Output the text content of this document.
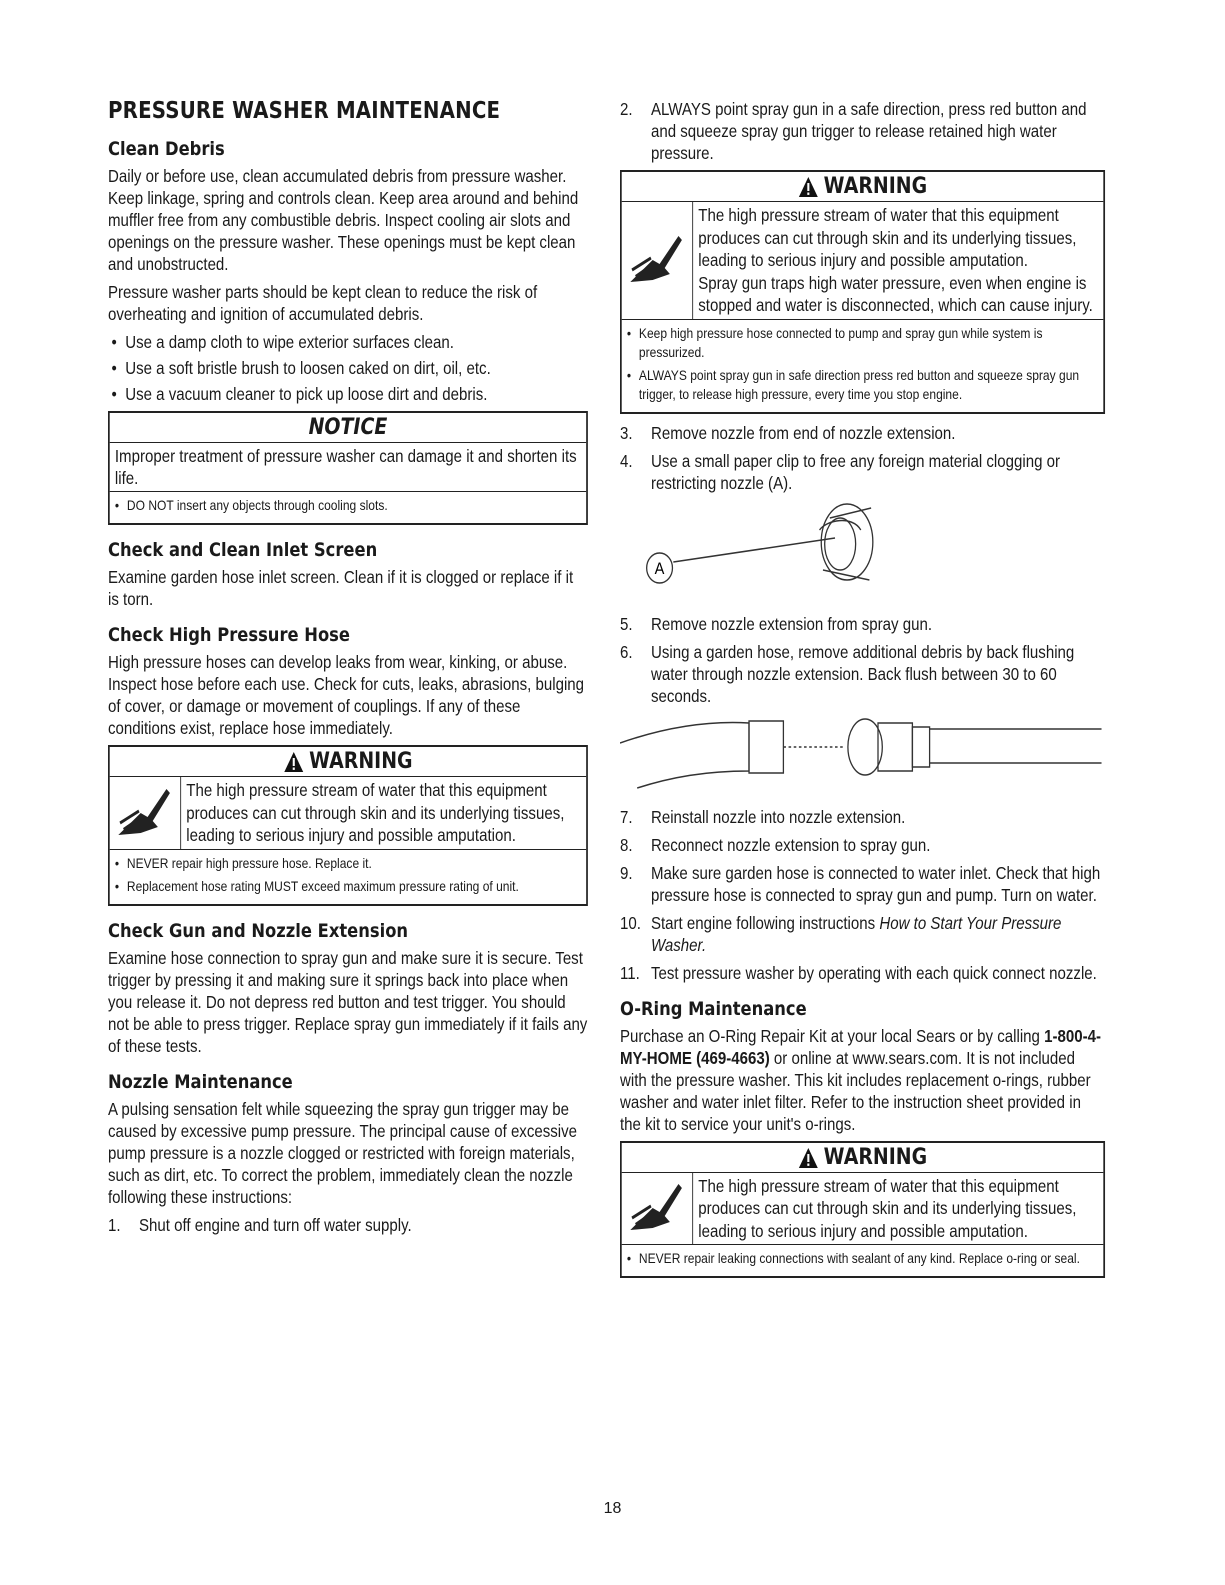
PRESSURE WASHER MAINTENANCE
Clean Debris

Daily or before use, clean accumulated debris from pressure washer. Keep linkage, spring and controls clean. Keep area around and behind muffler free from any combustible debris. Inspect cooling air slots and openings on the pressure washer. These openings must be kept clean and unobstructed.

Pressure washer parts should be kept clean to reduce the risk of overheating and ignition of accumulated debris.

• Use a damp cloth to wipe exterior surfaces clean.
• Use a soft bristle brush to loosen caked on dirt, oil, etc.
• Use a vacuum cleaner to pick up loose dirt and debris.
NOTICE
Improper treatment of pressure washer can damage it and shorten its life.
• DO NOT insert any objects through cooling slots.
Check and Clean Inlet Screen

Examine garden hose inlet screen. Clean if it is clogged or replace if it is torn.

Check High Pressure Hose

High pressure hoses can develop leaks from wear, kinking, or abuse. Inspect hose before each use. Check for cuts, leaks, abrasions, bulging of cover, or damage or movement of couplings. If any of these conditions exist, replace hose immediately.

WARNING
The high pressure stream of water that this equipment produces can cut through skin and its underlying tissues, leading to serious injury and possible amputation.
• NEVER repair high pressure hose. Replace it.
• Replacement hose rating MUST exceed maximum pressure rating of unit.
Check Gun and Nozzle Extension

Examine hose connection to spray gun and make sure it is secure. Test trigger by pressing it and making sure it springs back into place when you release it. Do not depress red button and test trigger. You should not be able to press trigger. Replace spray gun immediately if it fails any of these tests.

Nozzle Maintenance

A pulsing sensation felt while squeezing the spray gun trigger may be caused by excessive pump pressure. The principal cause of excessive pump pressure is a nozzle clogged or restricted with foreign materials, such as dirt, etc. To correct the problem, immediately clean the nozzle following these instructions:

1. Shut off engine and turn off water supply.
2. ALWAYS point spray gun in a safe direction, press red button and and squeeze spray gun trigger to release retained high water pressure.
WARNING
The high pressure stream of water that this equipment produces can cut through skin and its underlying tissues, leading to serious injury and possible amputation.
Spray gun traps high water pressure, even when engine is stopped and water is disconnected, which can cause injury.
• Keep high pressure hose connected to pump and spray gun while system is pressurized.
• ALWAYS point spray gun in safe direction press red button and squeeze spray gun trigger, to release high pressure, every time you stop engine.
3. Remove nozzle from end of nozzle extension.
4. Use a small paper clip to free any foreign material clogging or restricting nozzle (A).
A
5. Remove nozzle extension from spray gun.
6. Using a garden hose, remove additional debris by back flushing water through nozzle extension. Back flush between 30 to 60 seconds.
7. Reinstall nozzle into nozzle extension.
8. Reconnect nozzle extension to spray gun.
9. Make sure garden hose is connected to water inlet. Check that high pressure hose is connected to spray gun and pump. Turn on water.
10. Start engine following instructions How to Start Your Pressure Washer.
11. Test pressure washer by operating with each quick connect nozzle.
O-Ring Maintenance

Purchase an O-Ring Repair Kit at your local Sears or by calling 1-800-4-MY-HOME (469-4663) or online at www.sears.com. It is not included with the pressure washer. This kit includes replacement o-rings, rubber washer and water inlet filter. Refer to the instruction sheet provided in the kit to service your unit's o-rings.

WARNING
The high pressure stream of water that this equipment produces can cut through skin and its underlying tissues, leading to serious injury and possible amputation.
• NEVER repair leaking connections with sealant of any kind. Replace o-ring or seal.
18
